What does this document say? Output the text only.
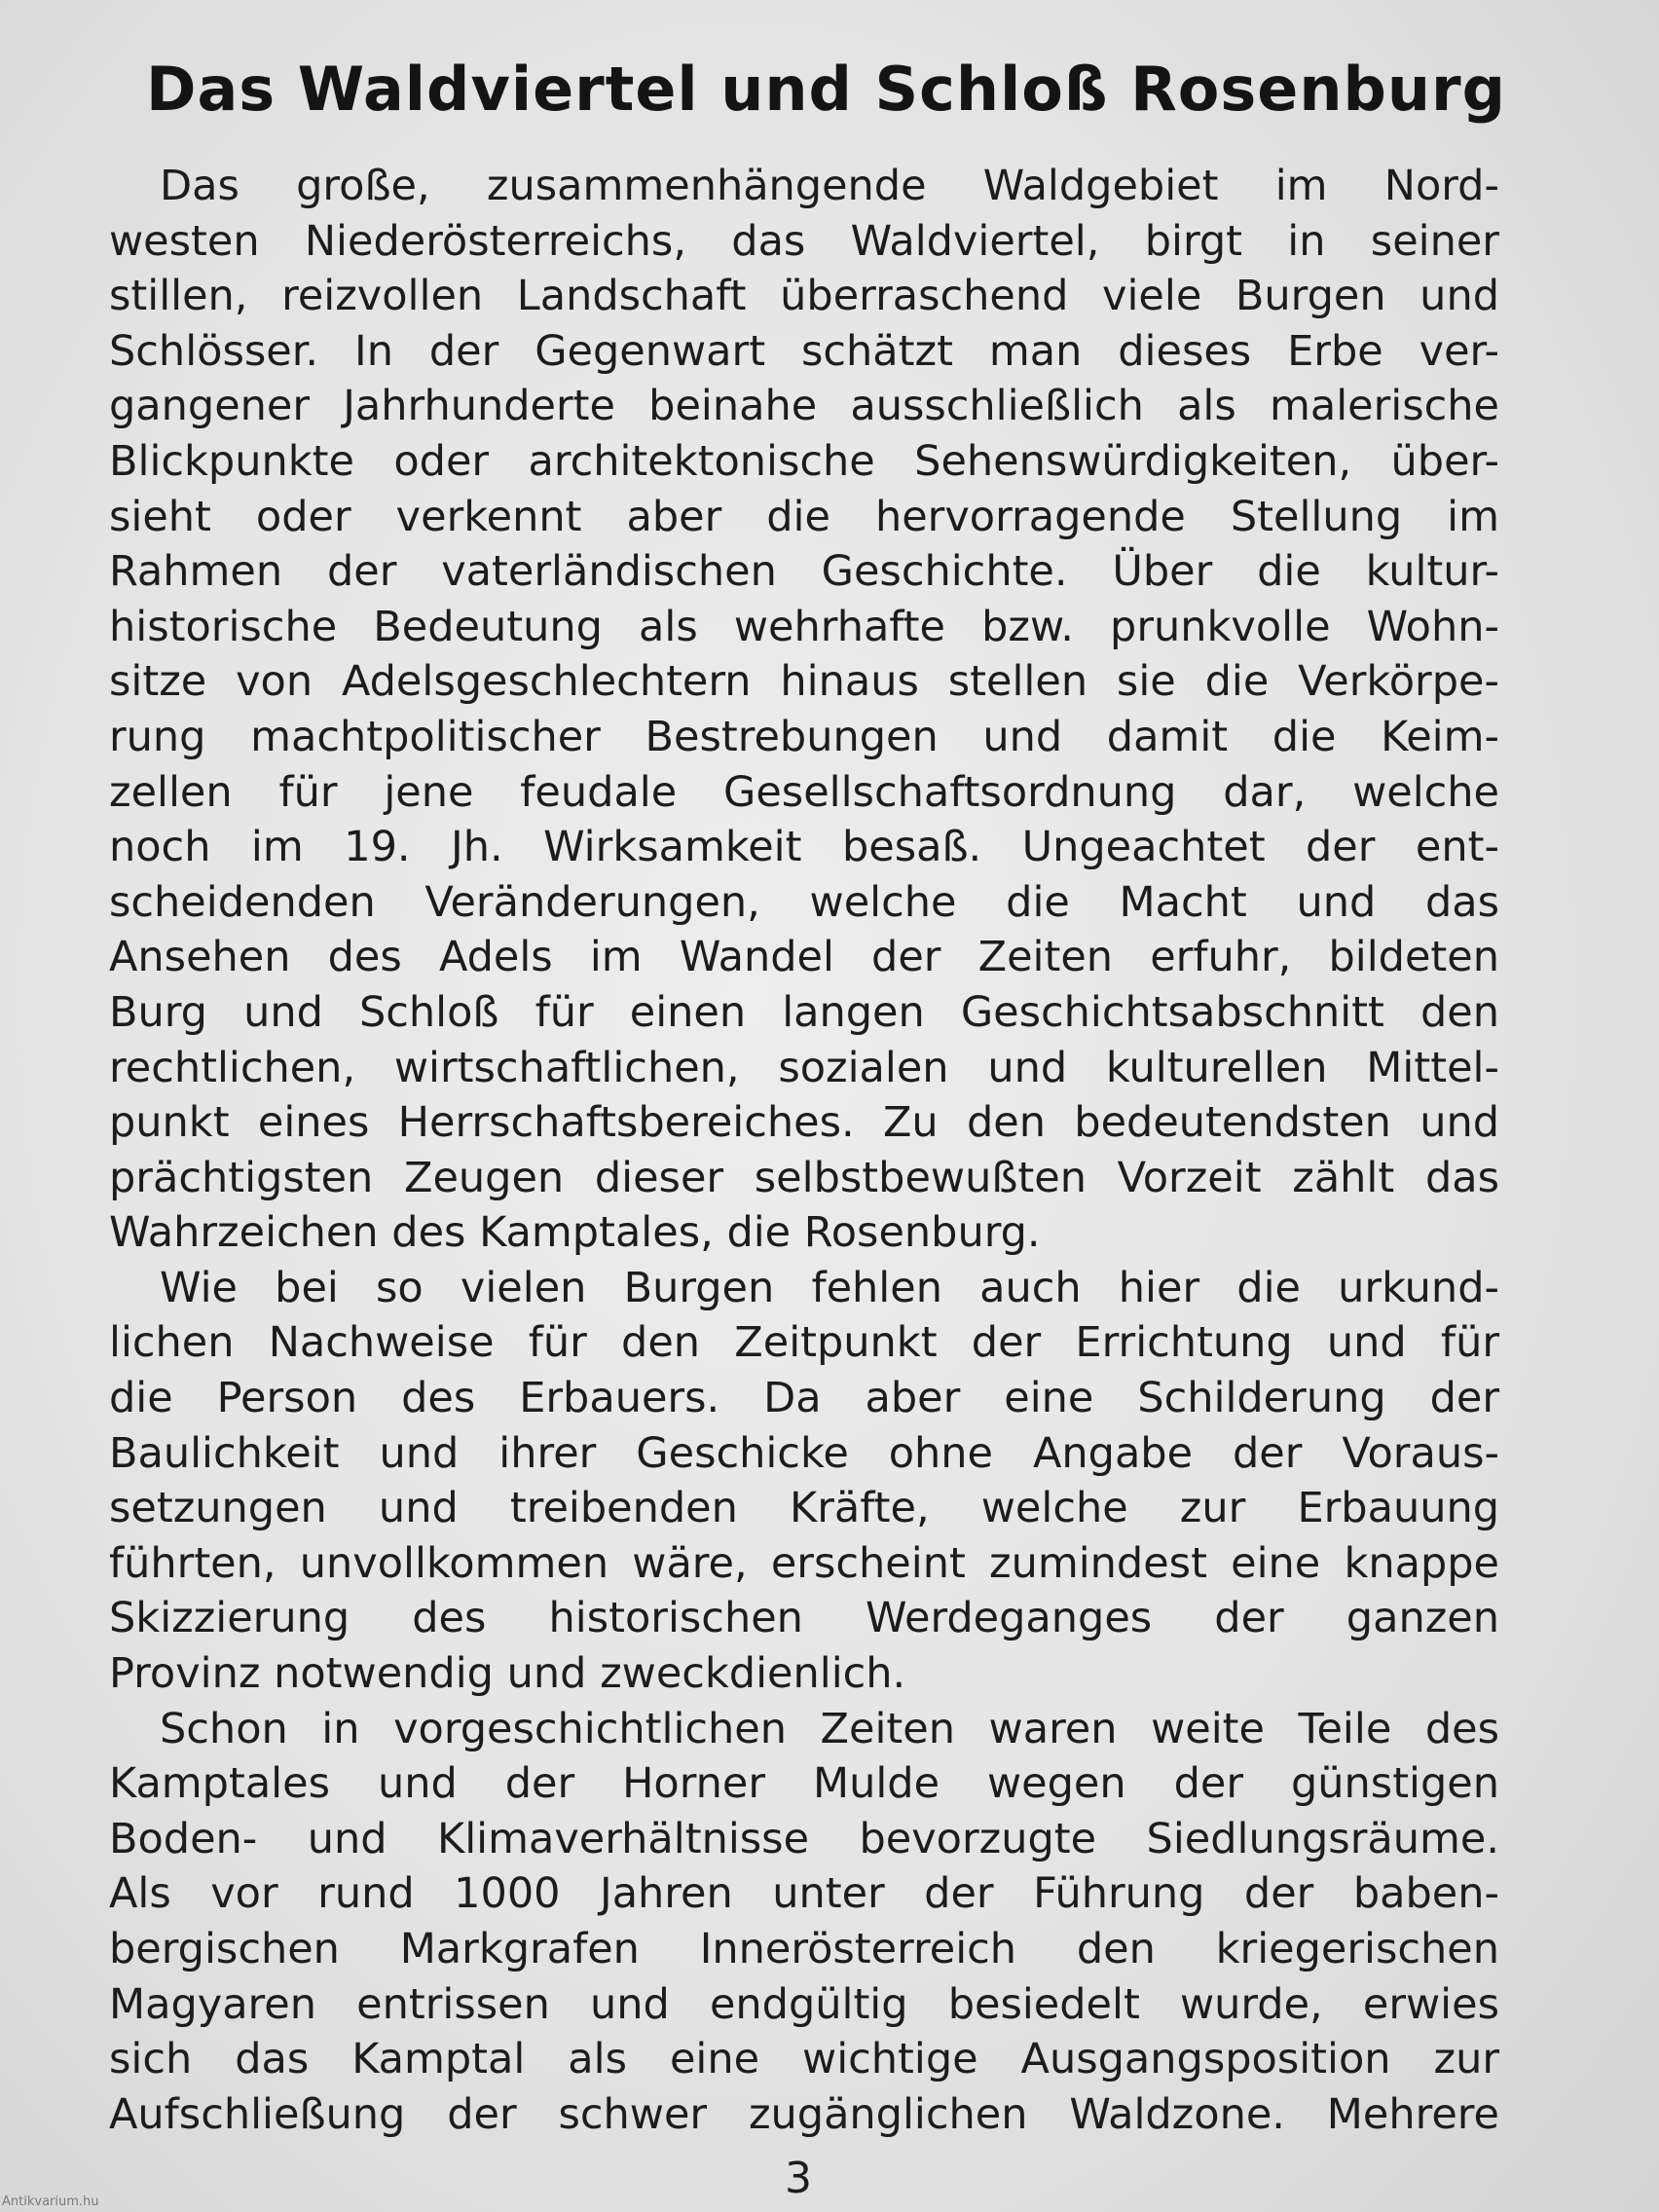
Das Waldviertel und Schloß Rosenburg
Das große, zusammenhängende Waldgebiet im Nord-
westen Niederösterreichs, das Waldviertel, birgt in seiner
stillen, reizvollen Landschaft überraschend viele Burgen und
Schlösser. In der Gegenwart schätzt man dieses Erbe ver-
gangener Jahrhunderte beinahe ausschließlich als malerische
Blickpunkte oder architektonische Sehenswürdigkeiten, über-
sieht oder verkennt aber die hervorragende Stellung im
Rahmen der vaterländischen Geschichte. Über die kultur-
historische Bedeutung als wehrhafte bzw. prunkvolle Wohn-
sitze von Adelsgeschlechtern hinaus stellen sie die Verkörpe-
rung machtpolitischer Bestrebungen und damit die Keim-
zellen für jene feudale Gesellschaftsordnung dar, welche
noch im 19. Jh. Wirksamkeit besaß. Ungeachtet der ent-
scheidenden Veränderungen, welche die Macht und das
Ansehen des Adels im Wandel der Zeiten erfuhr, bildeten
Burg und Schloß für einen langen Geschichtsabschnitt den
rechtlichen, wirtschaftlichen, sozialen und kulturellen Mittel-
punkt eines Herrschaftsbereiches. Zu den bedeutendsten und
prächtigsten Zeugen dieser selbstbewußten Vorzeit zählt das
Wahrzeichen des Kamptales, die Rosenburg.
Wie bei so vielen Burgen fehlen auch hier die urkund-
lichen Nachweise für den Zeitpunkt der Errichtung und für
die Person des Erbauers. Da aber eine Schilderung der
Baulichkeit und ihrer Geschicke ohne Angabe der Voraus-
setzungen und treibenden Kräfte, welche zur Erbauung
führten, unvollkommen wäre, erscheint zumindest eine knappe
Skizzierung des historischen Werdeganges der ganzen
Provinz notwendig und zweckdienlich.
Schon in vorgeschichtlichen Zeiten waren weite Teile des
Kamptales und der Horner Mulde wegen der günstigen
Boden- und Klimaverhältnisse bevorzugte Siedlungsräume.
Als vor rund 1000 Jahren unter der Führung der baben-
bergischen Markgrafen Innerösterreich den kriegerischen
Magyaren entrissen und endgültig besiedelt wurde, erwies
sich das Kamptal als eine wichtige Ausgangsposition zur
Aufschließung der schwer zugänglichen Waldzone. Mehrere
3
Antikvarium.hu
